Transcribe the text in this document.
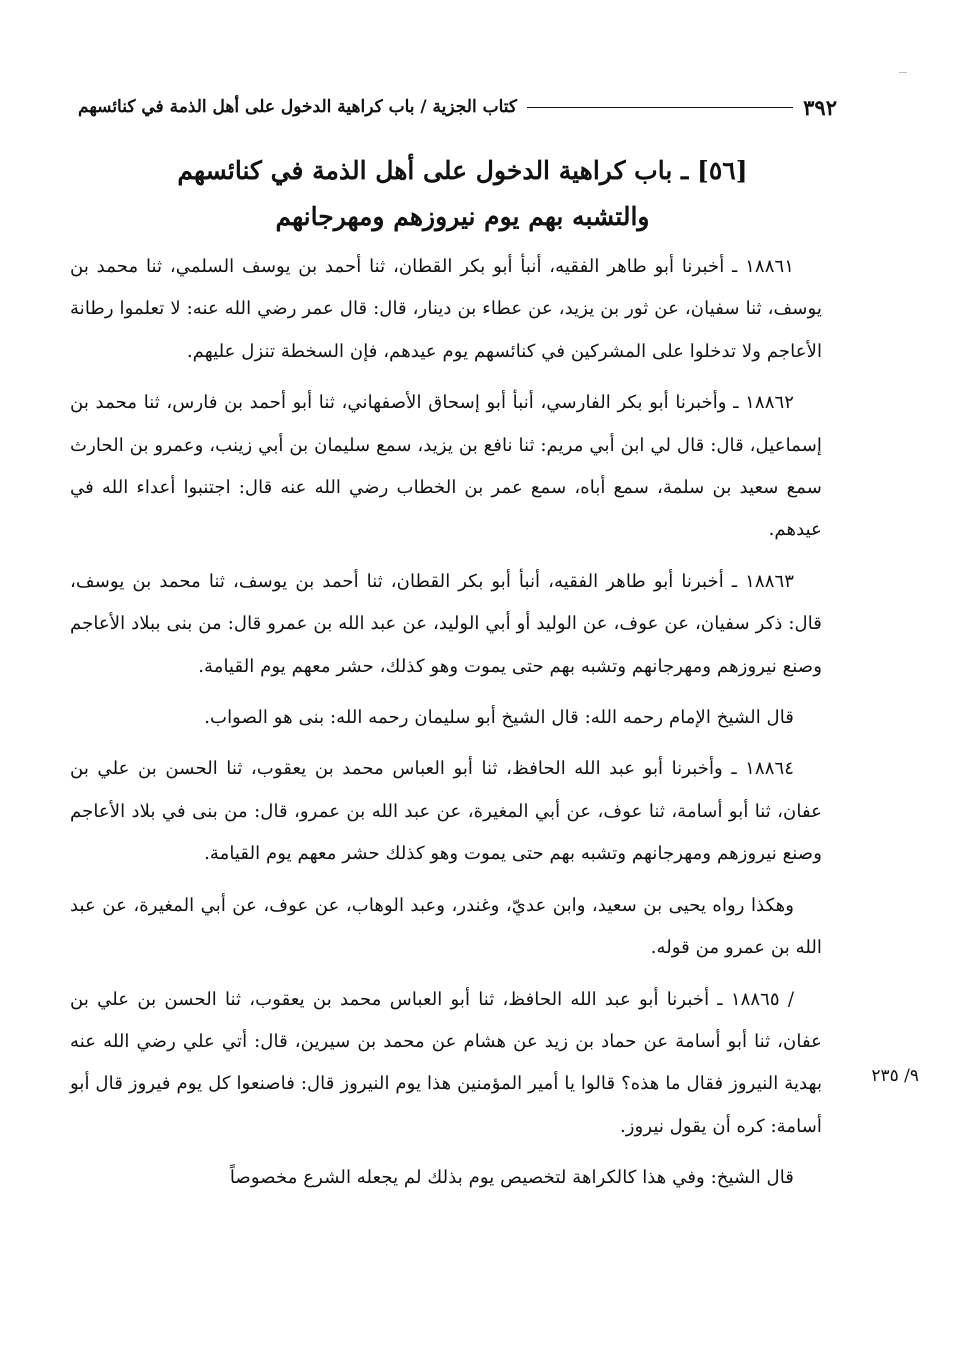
٣٩٢
كتاب الجزية / باب كراهية الدخول على أهل الذمة في كنائسهم
[٥٦] ـ باب كراهية الدخول على أهل الذمة في كنائسهم
والتشبه بهم يوم نيروزهم ومهرجانهم

١٨٨٦١ ـ أخبرنا أبو طاهر الفقيه، أنبأ أبو بكر القطان، ثنا أحمد بن يوسف السلمي، ثنا محمد بن يوسف، ثنا سفيان، عن ثور بن يزيد، عن عطاء بن دينار، قال: قال عمر رضي الله عنه: لا تعلموا رطانة الأعاجم ولا تدخلوا على المشركين في كنائسهم يوم عيدهم، فإن السخطة تنزل عليهم.

١٨٨٦٢ ـ وأخبرنا أبو بكر الفارسي، أنبأ أبو إسحاق الأصفهاني، ثنا أبو أحمد بن فارس، ثنا محمد بن إسماعيل، قال: قال لي ابن أبي مريم: ثنا نافع بن يزيد، سمع سليمان بن أبي زينب، وعمرو بن الحارث سمع سعيد بن سلمة، سمع أباه، سمع عمر بن الخطاب رضي الله عنه قال: اجتنبوا أعداء الله في عيدهم.

١٨٨٦٣ ـ أخبرنا أبو طاهر الفقيه، أنبأ أبو بكر القطان، ثنا أحمد بن يوسف، ثنا محمد بن يوسف، قال: ذكر سفيان، عن عوف، عن الوليد أو أبي الوليد، عن عبد الله بن عمرو قال: من بنى ببلاد الأعاجم وصنع نيروزهم ومهرجانهم وتشبه بهم حتى يموت وهو كذلك، حشر معهم يوم القيامة.

قال الشيخ الإمام رحمه الله: قال الشيخ أبو سليمان رحمه الله: بنى هو الصواب.

١٨٨٦٤ ـ وأخبرنا أبو عبد الله الحافظ، ثنا أبو العباس محمد بن يعقوب، ثنا الحسن بن علي بن عفان، ثنا أبو أسامة، ثنا عوف، عن أبي المغيرة، عن عبد الله بن عمرو، قال: من بنى في بلاد الأعاجم وصنع نيروزهم ومهرجانهم وتشبه بهم حتى يموت وهو كذلك حشر معهم يوم القيامة.

وهكذا رواه يحيى بن سعيد، وابن عديّ، وغندر، وعبد الوهاب، عن عوف، عن أبي المغيرة، عن عبد الله بن عمرو من قوله.

/ ١٨٨٦٥ ـ أخبرنا أبو عبد الله الحافظ، ثنا أبو العباس محمد بن يعقوب، ثنا الحسن بن علي بن عفان، ثنا أبو أسامة عن حماد بن زيد عن هشام عن محمد بن سيرين، قال: أتي علي رضي الله عنه بهدية النيروز فقال ما هذه؟ قالوا يا أمير المؤمنين هذا يوم النيروز قال: فاصنعوا كل يوم فيروز قال أبو أسامة: كره أن يقول نيروز.

قال الشيخ: وفي هذا كالكراهة لتخصيص يوم بذلك لم يجعله الشرع مخصوصاً

٩/ ٢٣٥
